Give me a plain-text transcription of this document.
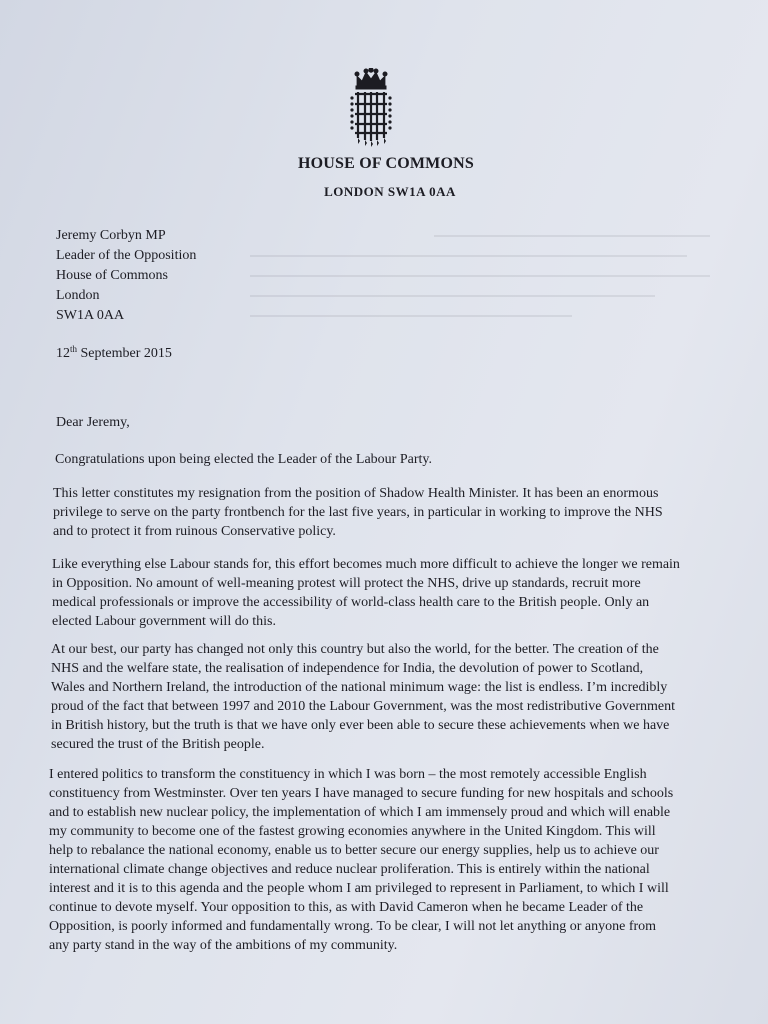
HOUSE OF COMMONS
LONDON SW1A 0AA
Jeremy Corbyn MP
Leader of the Opposition
House of Commons
London
SW1A 0AA
12th September 2015
Dear Jeremy,
Congratulations upon being elected the Leader of the Labour Party.
This letter constitutes my resignation from the position of Shadow Health Minister. It has been an enormous
privilege to serve on the party frontbench for the last five years, in particular in working to improve the NHS
and to protect it from ruinous Conservative policy.
Like everything else Labour stands for, this effort becomes much more difficult to achieve the longer we remain
in Opposition. No amount of well-meaning protest will protect the NHS, drive up standards, recruit more
medical professionals or improve the accessibility of world-class health care to the British people. Only an
elected Labour government will do this.
At our best, our party has changed not only this country but also the world, for the better. The creation of the
NHS and the welfare state, the realisation of independence for India, the devolution of power to Scotland,
Wales and Northern Ireland, the introduction of the national minimum wage: the list is endless. I’m incredibly
proud of the fact that between 1997 and 2010 the Labour Government, was the most redistributive Government
in British history, but the truth is that we have only ever been able to secure these achievements when we have
secured the trust of the British people.
I entered politics to transform the constituency in which I was born – the most remotely accessible English
constituency from Westminster. Over ten years I have managed to secure funding for new hospitals and schools
and to establish new nuclear policy, the implementation of which I am immensely proud and which will enable
my community to become one of the fastest growing economies anywhere in the United Kingdom. This will
help to rebalance the national economy, enable us to better secure our energy supplies, help us to achieve our
international climate change objectives and reduce nuclear proliferation. This is entirely within the national
interest and it is to this agenda and the people whom I am privileged to represent in Parliament, to which I will
continue to devote myself. Your opposition to this, as with David Cameron when he became Leader of the
Opposition, is poorly informed and fundamentally wrong. To be clear, I will not let anything or anyone from
any party stand in the way of the ambitions of my community.
